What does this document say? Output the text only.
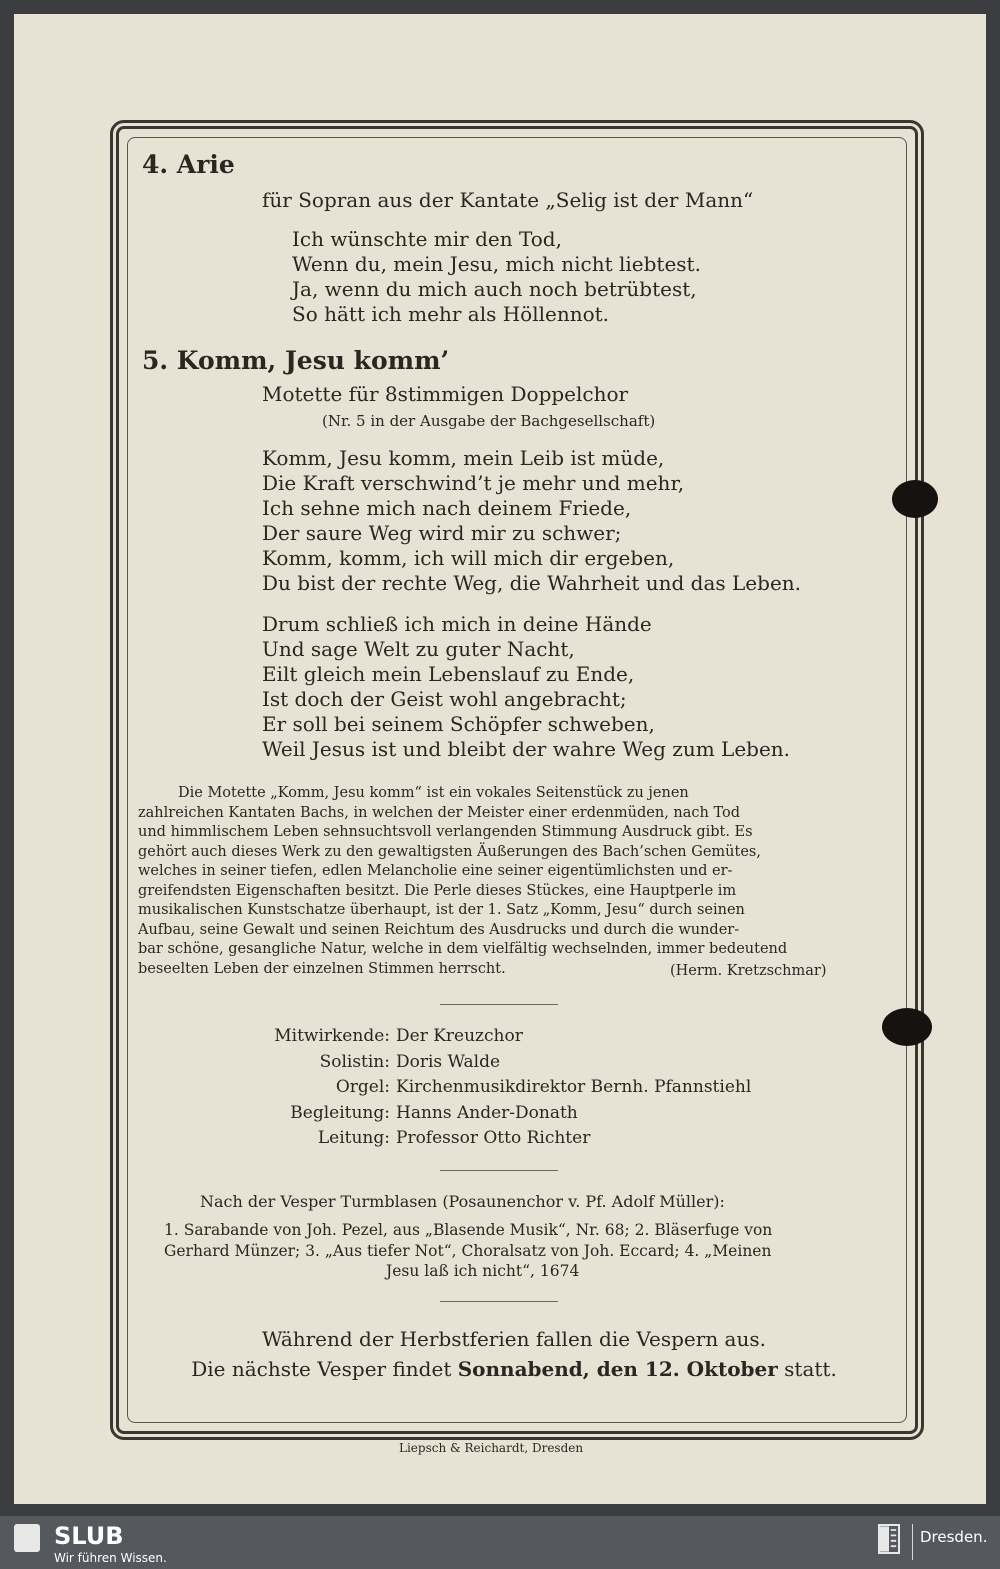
4. Arie
für Sopran aus der Kantate „Selig ist der Mann“
Ich wünschte mir den Tod,
Wenn du, mein Jesu, mich nicht liebtest.
Ja, wenn du mich auch noch betrübtest,
So hätt ich mehr als Höllennot.
5. Komm, Jesu komm’
Motette für 8stimmigen Doppelchor
(Nr. 5 in der Ausgabe der Bachgesellschaft)
Komm, Jesu komm, mein Leib ist müde,
Die Kraft verschwind’t je mehr und mehr,
Ich sehne mich nach deinem Friede,
Der saure Weg wird mir zu schwer;
Komm, komm, ich will mich dir ergeben,
Du bist der rechte Weg, die Wahrheit und das Leben.
Drum schließ ich mich in deine Hände
Und sage Welt zu guter Nacht,
Eilt gleich mein Lebenslauf zu Ende,
Ist doch der Geist wohl angebracht;
Er soll bei seinem Schöpfer schweben,
Weil Jesus ist und bleibt der wahre Weg zum Leben.
Die Motette „Komm, Jesu komm“ ist ein vokales Seitenstück zu jenen
zahlreichen Kantaten Bachs, in welchen der Meister einer erdenmüden, nach Tod
und himmlischem Leben sehnsuchtsvoll verlangenden Stimmung Ausdruck gibt. Es
gehört auch dieses Werk zu den gewaltigsten Äußerungen des Bach’schen Gemütes,
welches in seiner tiefen, edlen Melancholie eine seiner eigentümlichsten und er-
greifendsten Eigenschaften besitzt. Die Perle dieses Stückes, eine Hauptperle im
musikalischen Kunstschatze überhaupt, ist der 1. Satz „Komm, Jesu“ durch seinen
Aufbau, seine Gewalt und seinen Reichtum des Ausdrucks und durch die wunder-
bar schöne, gesangliche Natur, welche in dem vielfältig wechselnden, immer bedeutend
beseelten Leben der einzelnen Stimmen herrscht.	(Herm. Kretzschmar)
Mitwirkende: Der Kreuzchor
Solistin: Doris Walde
Orgel: Kirchenmusikdirektor Bernh. Pfannstiehl
Begleitung: Hanns Ander-Donath
Leitung: Professor Otto Richter
Nach der Vesper Turmblasen (Posaunenchor v. Pf. Adolf Müller):
1. Sarabande von Joh. Pezel, aus „Blasende Musik“, Nr. 68; 2. Bläserfuge von
Gerhard Münzer; 3. „Aus tiefer Not“, Choralsatz von Joh. Eccard; 4. „Meinen
Jesu laß ich nicht“, 1674
Während der Herbstferien fallen die Vespern aus.
Die nächste Vesper findet Sonnabend, den 12. Oktober statt.
Liepsch & Reichardt, Dresden
SLUB
Wir führen Wissen.
Dresden.
